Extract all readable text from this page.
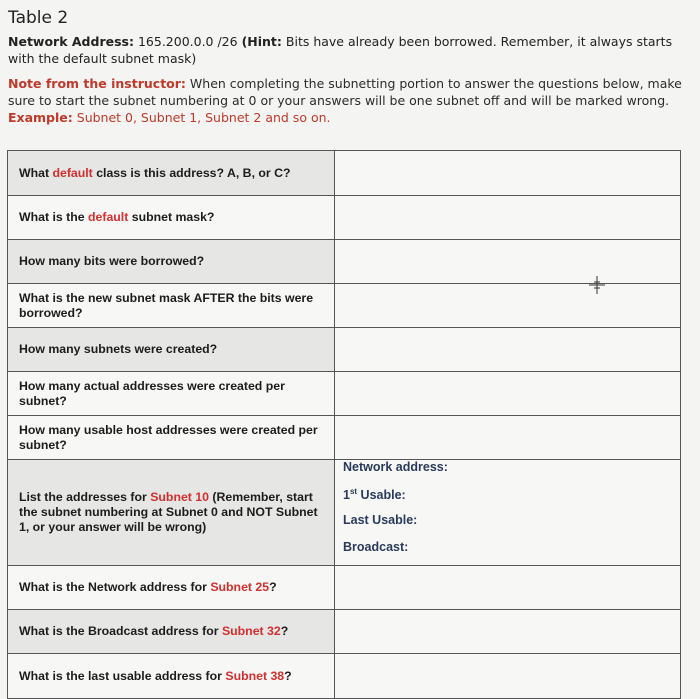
Table 2
Network Address: 165.200.0.0 /26 (Hint: Bits have already been borrowed. Remember, it always starts with the default subnet mask)
Note from the instructor: When completing the subnetting portion to answer the questions below, make sure to start the subnet numbering at 0 or your answers will be one subnet off and will be marked wrong. Example: Subnet 0, Subnet 1, Subnet 2 and so on.
What default class is this address? A, B, or C?
What is the default subnet mask?
How many bits were borrowed?
What is the new subnet mask AFTER the bits were borrowed?
How many subnets were created?
How many actual addresses were created per subnet?
How many usable host addresses were created per subnet?
List the addresses for Subnet 10 (Remember, start the subnet numbering at Subnet 0 and NOT Subnet 1, or your answer will be wrong)
Network address:
1st Usable:
Last Usable:
Broadcast:
What is the Network address for Subnet 25?
What is the Broadcast address for Subnet 32?
What is the last usable address for Subnet 38?
